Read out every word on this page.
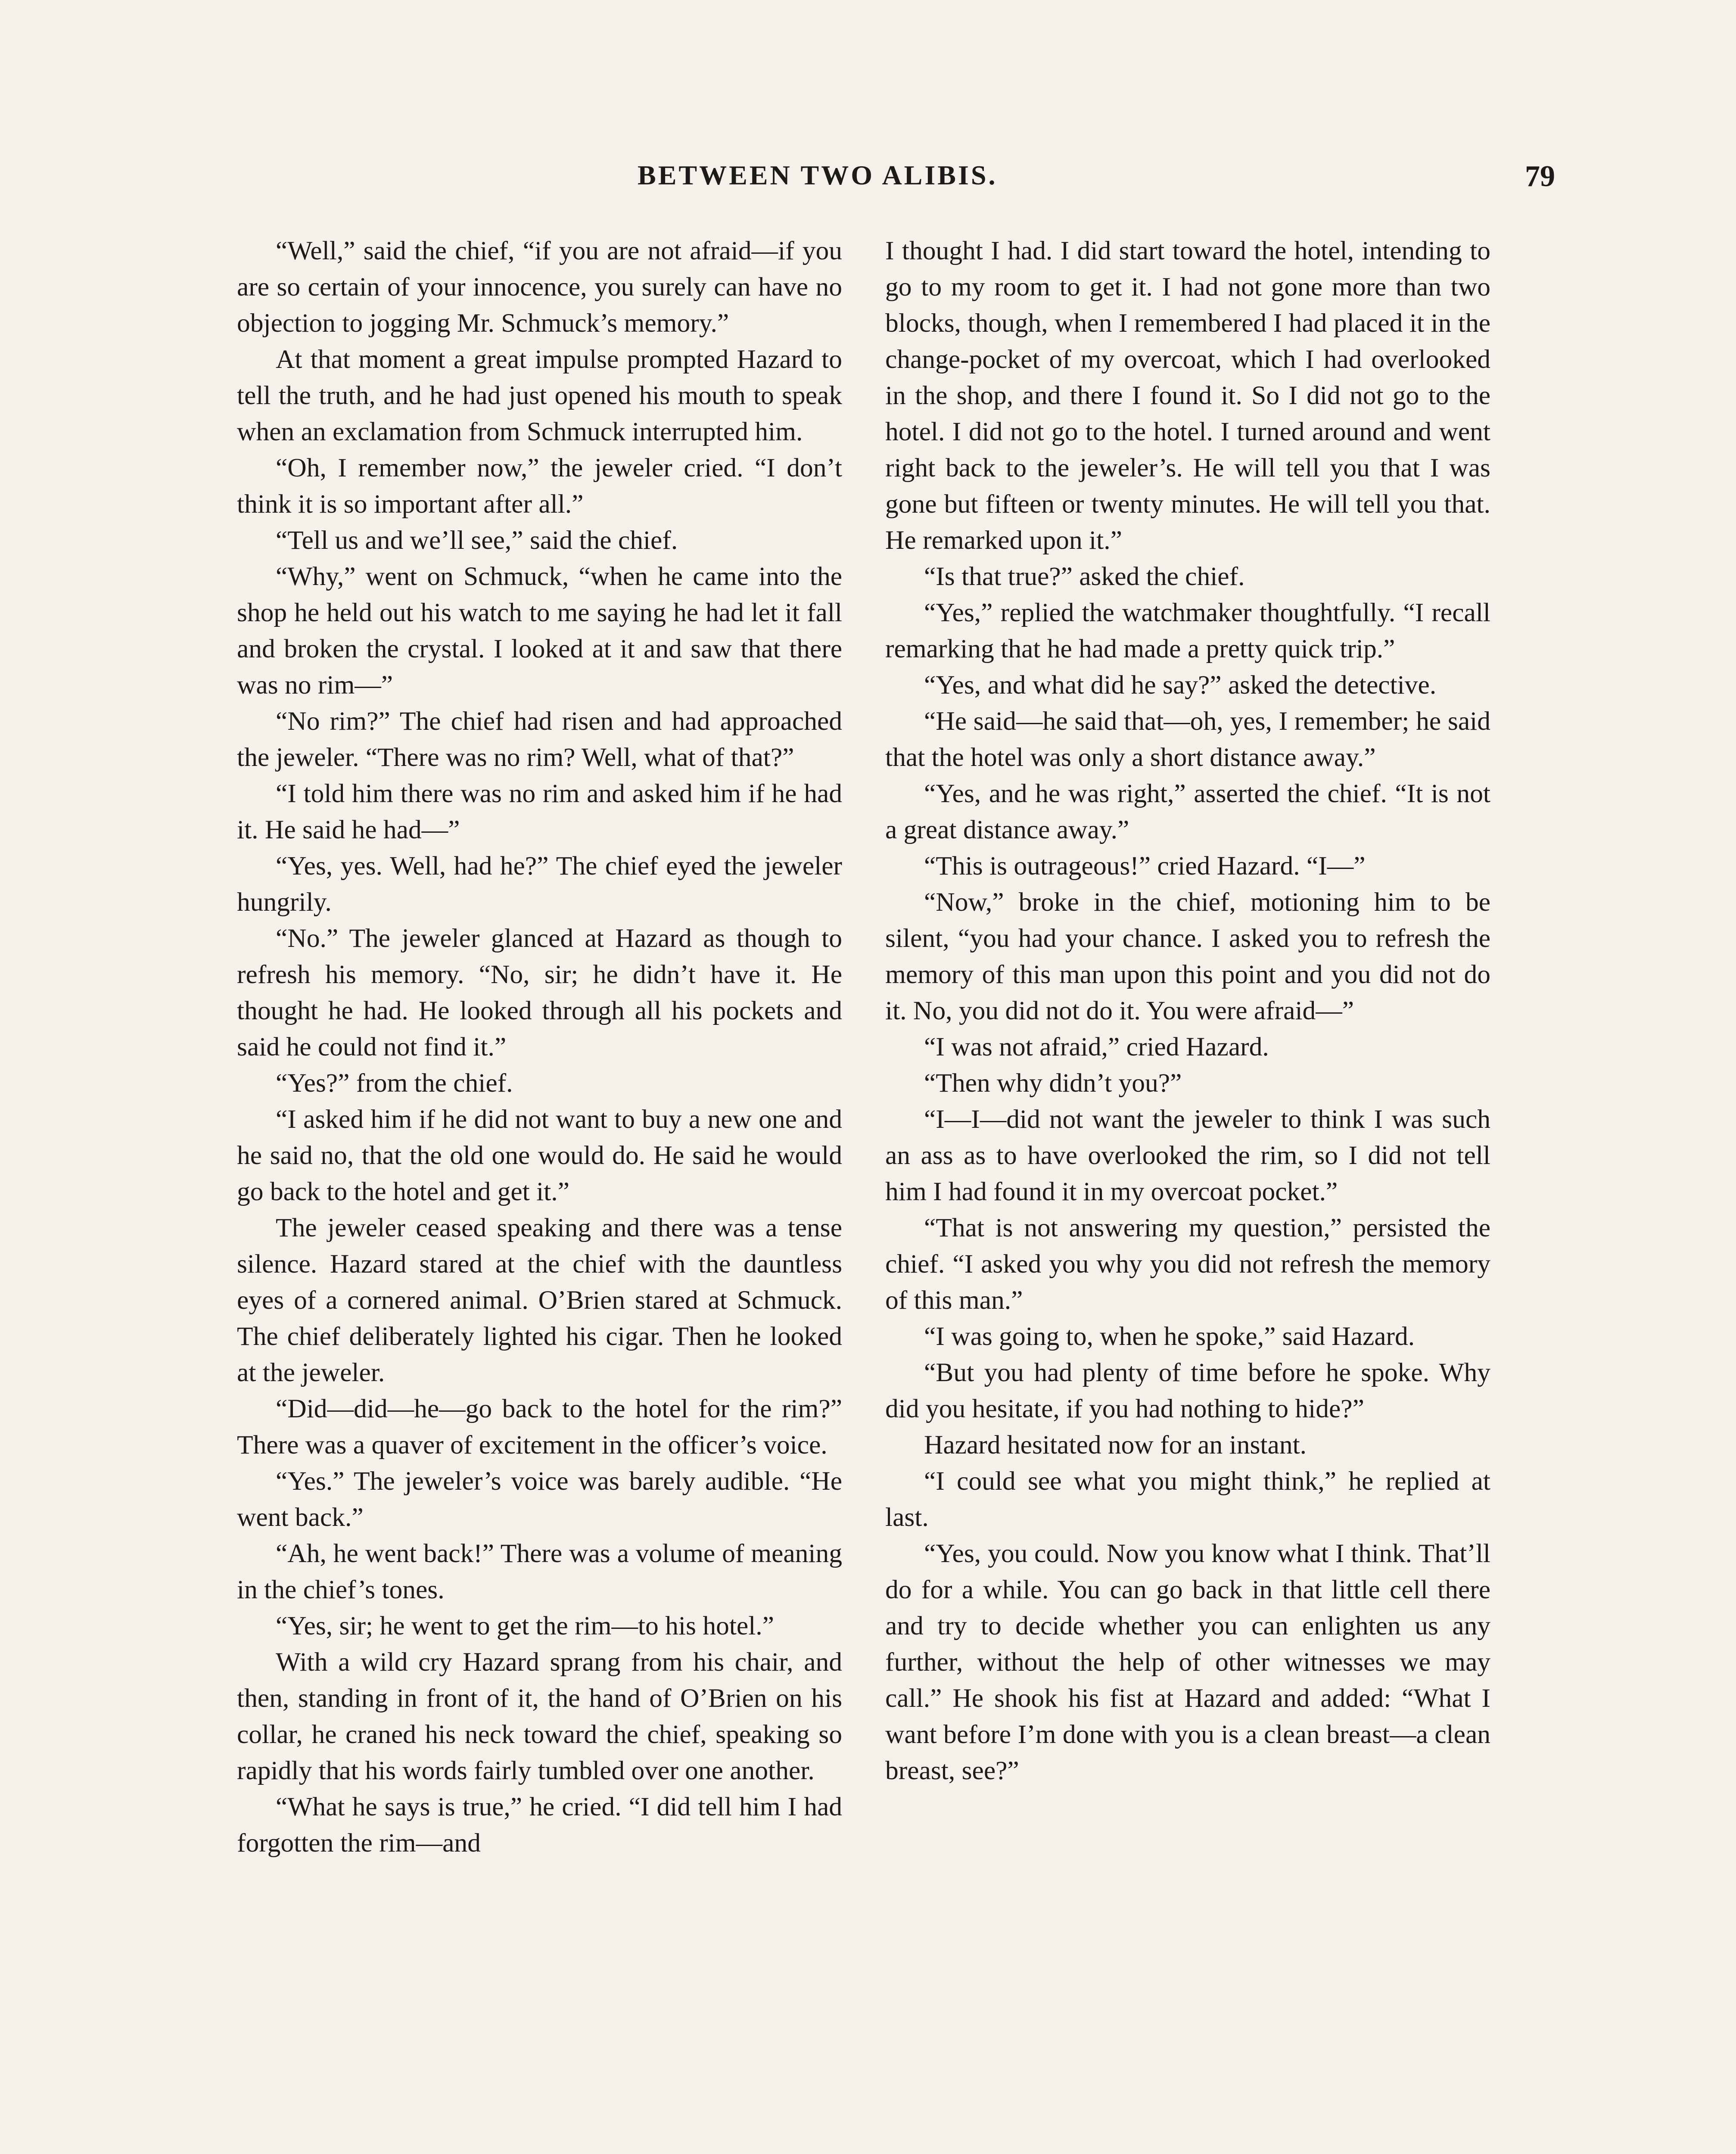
BETWEEN TWO ALIBIS.	79

“Well,” said the chief, “if you are not afraid—if you are so certain of your innocence, you surely can have no objection to jogging Mr. Schmuck’s memory.”

At that moment a great impulse prompted Hazard to tell the truth, and he had just opened his mouth to speak when an exclamation from Schmuck interrupted him.

“Oh, I remember now,” the jeweler cried. “I don’t think it is so important after all.”

“Tell us and we’ll see,” said the chief.

“Why,” went on Schmuck, “when he came into the shop he held out his watch to me saying he had let it fall and broken the crystal. I looked at it and saw that there was no rim—”

“No rim?” The chief had risen and had approached the jeweler. “There was no rim? Well, what of that?”

“I told him there was no rim and asked him if he had it. He said he had—”

“Yes, yes. Well, had he?” The chief eyed the jeweler hungrily.

“No.” The jeweler glanced at Hazard as though to refresh his memory. “No, sir; he didn’t have it. He thought he had. He looked through all his pockets and said he could not find it.”

“Yes?” from the chief.

“I asked him if he did not want to buy a new one and he said no, that the old one would do. He said he would go back to the hotel and get it.”

The jeweler ceased speaking and there was a tense silence. Hazard stared at the chief with the dauntless eyes of a cornered animal. O’Brien stared at Schmuck. The chief deliberately lighted his cigar. Then he looked at the jeweler.

“Did—did—he—go back to the hotel for the rim?” There was a quaver of excitement in the officer’s voice.

“Yes.” The jeweler’s voice was barely audible. “He went back.”

“Ah, he went back!” There was a volume of meaning in the chief’s tones.

“Yes, sir; he went to get the rim—to his hotel.”

With a wild cry Hazard sprang from his chair, and then, standing in front of it, the hand of O’Brien on his collar, he craned his neck toward the chief, speaking so rapidly that his words fairly tumbled over one another.

“What he says is true,” he cried. “I did tell him I had forgotten the rim—and

I thought I had. I did start toward the hotel, intending to go to my room to get it. I had not gone more than two blocks, though, when I remembered I had placed it in the change-pocket of my overcoat, which I had overlooked in the shop, and there I found it. So I did not go to the hotel. I did not go to the hotel. I turned around and went right back to the jeweler’s. He will tell you that I was gone but fifteen or twenty minutes. He will tell you that. He remarked upon it.”

“Is that true?” asked the chief.

“Yes,” replied the watchmaker thoughtfully. “I recall remarking that he had made a pretty quick trip.”

“Yes, and what did he say?” asked the detective.

“He said—he said that—oh, yes, I remember; he said that the hotel was only a short distance away.”

“Yes, and he was right,” asserted the chief. “It is not a great distance away.”

“This is outrageous!” cried Hazard. “I—”

“Now,” broke in the chief, motioning him to be silent, “you had your chance. I asked you to refresh the memory of this man upon this point and you did not do it. No, you did not do it. You were afraid—”

“I was not afraid,” cried Hazard.

“Then why didn’t you?”

“I—I—did not want the jeweler to think I was such an ass as to have overlooked the rim, so I did not tell him I had found it in my overcoat pocket.”

“That is not answering my question,” persisted the chief. “I asked you why you did not refresh the memory of this man.”

“I was going to, when he spoke,” said Hazard.

“But you had plenty of time before he spoke. Why did you hesitate, if you had nothing to hide?”

Hazard hesitated now for an instant.

“I could see what you might think,” he replied at last.

“Yes, you could. Now you know what I think. That’ll do for a while. You can go back in that little cell there and try to decide whether you can enlighten us any further, without the help of other witnesses we may call.” He shook his fist at Hazard and added: “What I want before I’m done with you is a clean breast—a clean breast, see?”
